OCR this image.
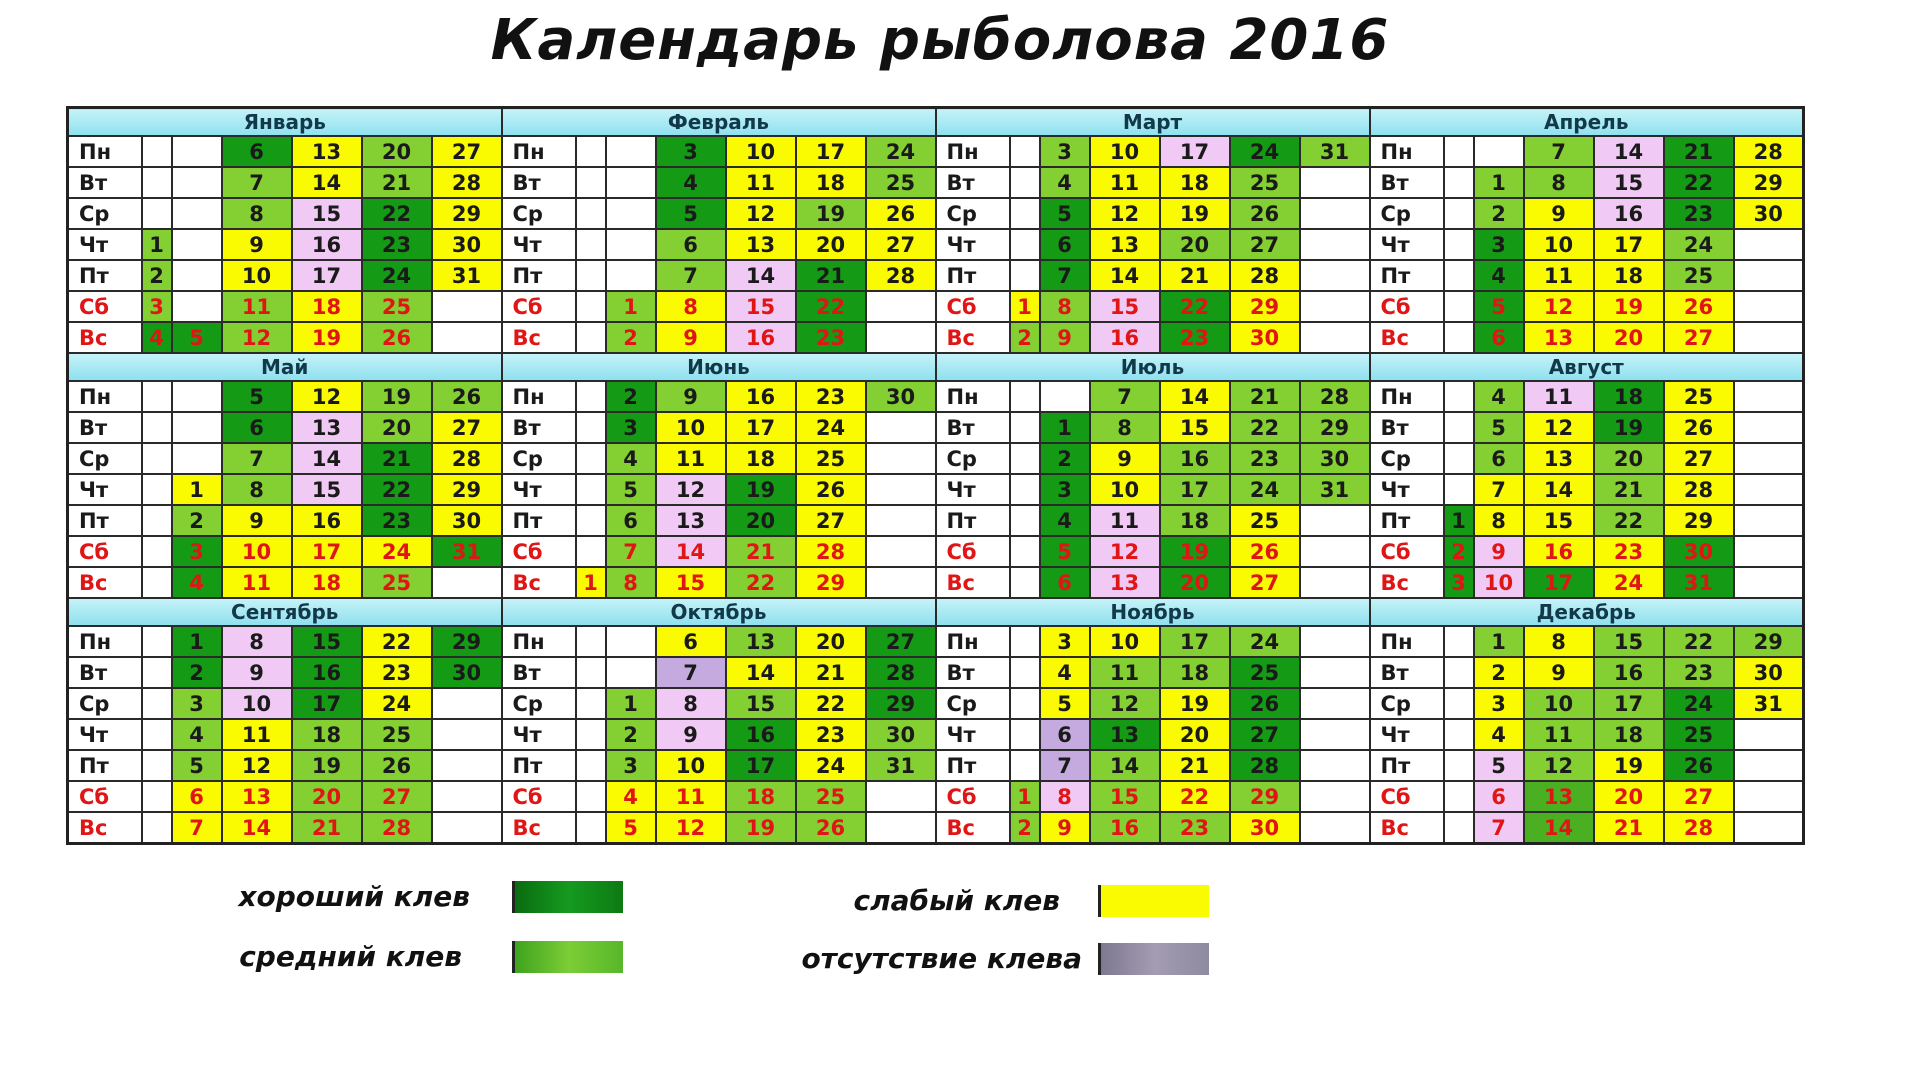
Календарь рыболова 2016
Январь							Февраль							Март							Апрель						
Пн			6	13	20	27	Пн			3	10	17	24	Пн		3	10	17	24	31	Пн			7	14	21	28
Вт			7	14	21	28	Вт			4	11	18	25	Вт		4	11	18	25		Вт		1	8	15	22	29
Ср			8	15	22	29	Ср			5	12	19	26	Ср		5	12	19	26		Ср		2	9	16	23	30
Чт	1		9	16	23	30	Чт			6	13	20	27	Чт		6	13	20	27		Чт		3	10	17	24	
Пт	2		10	17	24	31	Пт			7	14	21	28	Пт		7	14	21	28		Пт		4	11	18	25	
Сб	3		11	18	25		Сб		1	8	15	22		Сб	1	8	15	22	29		Сб		5	12	19	26	
Вс	4	5	12	19	26		Вс		2	9	16	23		Вс	2	9	16	23	30		Вс		6	13	20	27	
Май							Июнь							Июль							Август						
Пн			5	12	19	26	Пн		2	9	16	23	30	Пн			7	14	21	28	Пн		4	11	18	25	
Вт			6	13	20	27	Вт		3	10	17	24		Вт		1	8	15	22	29	Вт		5	12	19	26	
Ср			7	14	21	28	Ср		4	11	18	25		Ср		2	9	16	23	30	Ср		6	13	20	27	
Чт		1	8	15	22	29	Чт		5	12	19	26		Чт		3	10	17	24	31	Чт		7	14	21	28	
Пт		2	9	16	23	30	Пт		6	13	20	27		Пт		4	11	18	25		Пт	1	8	15	22	29	
Сб		3	10	17	24	31	Сб		7	14	21	28		Сб		5	12	19	26		Сб	2	9	16	23	30	
Вс		4	11	18	25		Вс	1	8	15	22	29		Вс		6	13	20	27		Вс	3	10	17	24	31	
Сентябрь							Октябрь							Ноябрь							Декабрь						
Пн		1	8	15	22	29	Пн			6	13	20	27	Пн		3	10	17	24		Пн		1	8	15	22	29
Вт		2	9	16	23	30	Вт			7	14	21	28	Вт		4	11	18	25		Вт		2	9	16	23	30
Ср		3	10	17	24		Ср		1	8	15	22	29	Ср		5	12	19	26		Ср		3	10	17	24	31
Чт		4	11	18	25		Чт		2	9	16	23	30	Чт		6	13	20	27		Чт		4	11	18	25	
Пт		5	12	19	26		Пт		3	10	17	24	31	Пт		7	14	21	28		Пт		5	12	19	26	
Сб		6	13	20	27		Сб		4	11	18	25		Сб	1	8	15	22	29		Сб		6	13	20	27	
Вс		7	14	21	28		Вс		5	12	19	26		Вс	2	9	16	23	30		Вс		7	14	21	28	
хороший клев
средний клев
слабый клев
отсутствие клева
